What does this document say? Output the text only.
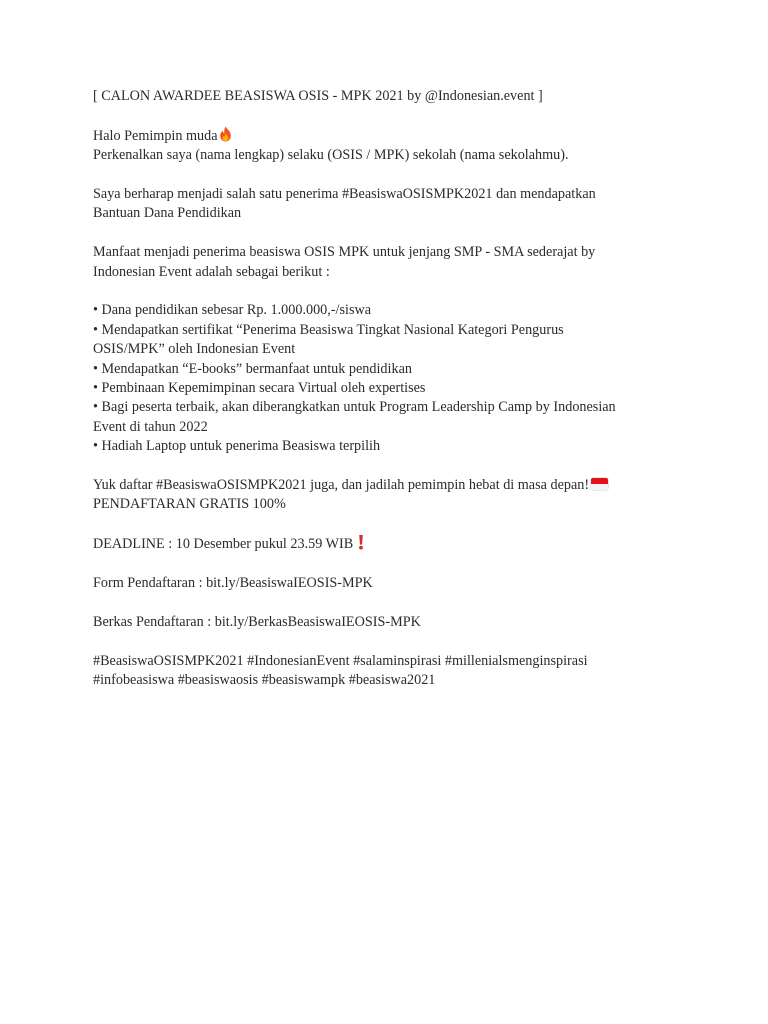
[ CALON AWARDEE BEASISWA OSIS - MPK 2021 by @Indonesian.event ]

Halo Pemimpin muda
Perkenalkan saya (nama lengkap) selaku (OSIS / MPK) sekolah (nama sekolahmu).

Saya berharap menjadi salah satu penerima #BeasiswaOSISMPK2021 dan mendapatkan
Bantuan Dana Pendidikan

Manfaat menjadi penerima beasiswa OSIS MPK untuk jenjang SMP - SMA sederajat by
Indonesian Event adalah sebagai berikut :

• Dana pendidikan sebesar Rp. 1.000.000,-/siswa
• Mendapatkan sertifikat “Penerima Beasiswa Tingkat Nasional Kategori Pengurus
OSIS/MPK” oleh Indonesian Event
• Mendapatkan “E-books” bermanfaat untuk pendidikan
• Pembinaan Kepemimpinan secara Virtual oleh expertises
• Bagi peserta terbaik, akan diberangkatkan untuk Program Leadership Camp by Indonesian
Event di tahun 2022
• Hadiah Laptop untuk penerima Beasiswa terpilih

Yuk daftar #BeasiswaOSISMPK2021 juga, dan jadilah pemimpin hebat di masa depan!
PENDAFTARAN GRATIS 100%

DEADLINE : 10 Desember pukul 23.59 WIB

Form Pendaftaran : bit.ly/BeasiswaIEOSIS-MPK

Berkas Pendaftaran : bit.ly/BerkasBeasiswaIEOSIS-MPK

#BeasiswaOSISMPK2021 #IndonesianEvent #salaminspirasi #millenialsmenginspirasi
#infobeasiswa #beasiswaosis #beasiswampk #beasiswa2021
